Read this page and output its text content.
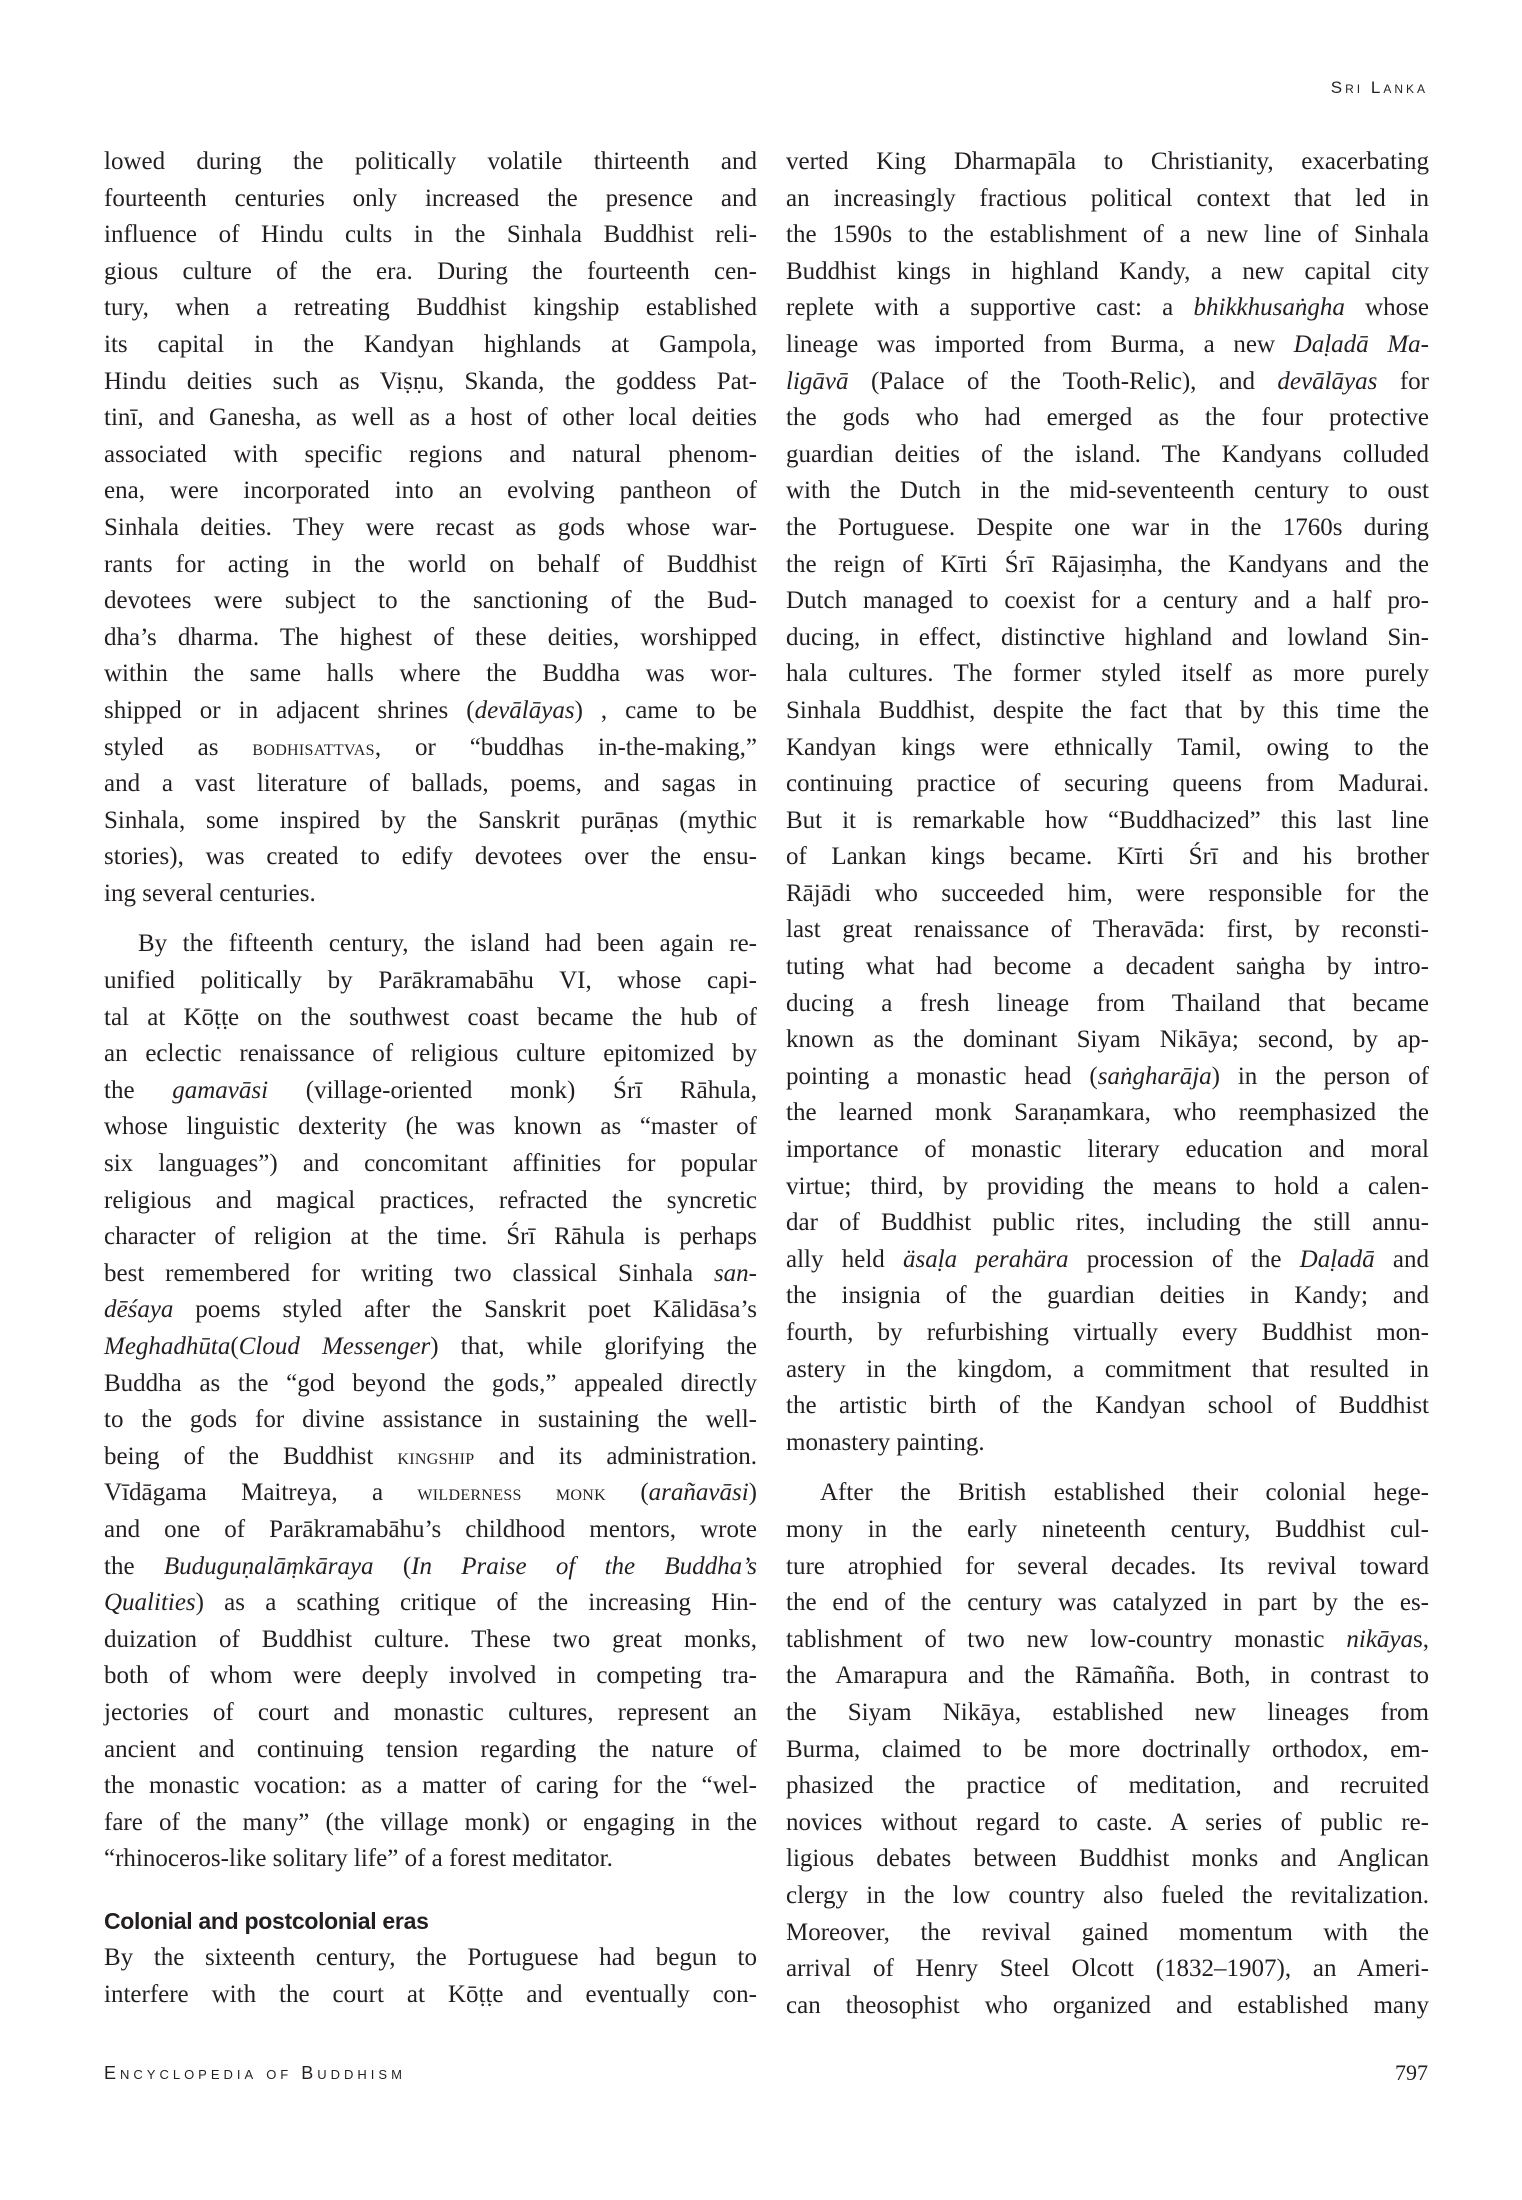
Sri Lanka
lowed during the politically volatile thirteenth and
fourteenth centuries only increased the presence and
influence of Hindu cults in the Sinhala Buddhist reli-
gious culture of the era. During the fourteenth cen-
tury, when a retreating Buddhist kingship established
its capital in the Kandyan highlands at Gampola,
Hindu deities such as Viṣṇu, Skanda, the goddess Pat-
tinī, and Ganesha, as well as a host of other local deities
associated with specific regions and natural phenom-
ena, were incorporated into an evolving pantheon of
Sinhala deities. They were recast as gods whose war-
rants for acting in the world on behalf of Buddhist
devotees were subject to the sanctioning of the Bud-
dha’s dharma. The highest of these deities, worshipped
within the same halls where the Buddha was wor-
shipped or in adjacent shrines (devālāyas) , came to be
styled as bodhisattvas, or “buddhas in-the-making,”
and a vast literature of ballads, poems, and sagas in
Sinhala, some inspired by the Sanskrit purāṇas (mythic
stories), was created to edify devotees over the ensu-
ing several centuries.
By the fifteenth century, the island had been again re-
unified politically by Parākramabāhu VI, whose capi-
tal at Kōṭṭe on the southwest coast became the hub of
an eclectic renaissance of religious culture epitomized by
the gamavāsi (village-oriented monk) Śrī Rāhula,
whose linguistic dexterity (he was known as “master of
six languages”) and concomitant affinities for popular
religious and magical practices, refracted the syncretic
character of religion at the time. Śrī Rāhula is perhaps
best remembered for writing two classical Sinhala san-
dēśaya poems styled after the Sanskrit poet Kālidāsa’s
Meghadhūta(Cloud Messenger) that, while glorifying the
Buddha as the “god beyond the gods,” appealed directly
to the gods for divine assistance in sustaining the well-
being of the Buddhist kingship and its administration.
Vīdāgama Maitreya, a wilderness monk (arañavāsi)
and one of Parākramabāhu’s childhood mentors, wrote
the Buduguṇalāṃkāraya (In Praise of the Buddha’s
Qualities) as a scathing critique of the increasing Hin-
duization of Buddhist culture. These two great monks,
both of whom were deeply involved in competing tra-
jectories of court and monastic cultures, represent an
ancient and continuing tension regarding the nature of
the monastic vocation: as a matter of caring for the “wel-
fare of the many” (the village monk) or engaging in the
“rhinoceros-like solitary life” of a forest meditator.
Colonial and postcolonial eras
By the sixteenth century, the Portuguese had begun to
interfere with the court at Kōṭṭe and eventually con-
verted King Dharmapāla to Christianity, exacerbating
an increasingly fractious political context that led in
the 1590s to the establishment of a new line of Sinhala
Buddhist kings in highland Kandy, a new capital city
replete with a supportive cast: a bhikkhusaṅgha whose
lineage was imported from Burma, a new Daḷadā Ma-
ligāvā (Palace of the Tooth-Relic), and devālāyas for
the gods who had emerged as the four protective
guardian deities of the island. The Kandyans colluded
with the Dutch in the mid-seventeenth century to oust
the Portuguese. Despite one war in the 1760s during
the reign of Kīrti Śrī Rājasiṃha, the Kandyans and the
Dutch managed to coexist for a century and a half pro-
ducing, in effect, distinctive highland and lowland Sin-
hala cultures. The former styled itself as more purely
Sinhala Buddhist, despite the fact that by this time the
Kandyan kings were ethnically Tamil, owing to the
continuing practice of securing queens from Madurai.
But it is remarkable how “Buddhacized” this last line
of Lankan kings became. Kīrti Śrī and his brother
Rājādi who succeeded him, were responsible for the
last great renaissance of Theravāda: first, by reconsti-
tuting what had become a decadent saṅgha by intro-
ducing a fresh lineage from Thailand that became
known as the dominant Siyam Nikāya; second, by ap-
pointing a monastic head (saṅgharāja) in the person of
the learned monk Saraṇamkara, who reemphasized the
importance of monastic literary education and moral
virtue; third, by providing the means to hold a calen-
dar of Buddhist public rites, including the still annu-
ally held äsaḷa perahära procession of the Daḷadā and
the insignia of the guardian deities in Kandy; and
fourth, by refurbishing virtually every Buddhist mon-
astery in the kingdom, a commitment that resulted in
the artistic birth of the Kandyan school of Buddhist
monastery painting.
After the British established their colonial hege-
mony in the early nineteenth century, Buddhist cul-
ture atrophied for several decades. Its revival toward
the end of the century was catalyzed in part by the es-
tablishment of two new low-country monastic nikāyas,
the Amarapura and the Rāmañña. Both, in contrast to
the Siyam Nikāya, established new lineages from
Burma, claimed to be more doctrinally orthodox, em-
phasized the practice of meditation, and recruited
novices without regard to caste. A series of public re-
ligious debates between Buddhist monks and Anglican
clergy in the low country also fueled the revitalization.
Moreover, the revival gained momentum with the
arrival of Henry Steel Olcott (1832–1907), an Ameri-
can theosophist who organized and established many
Encyclopedia of Buddhism	797
